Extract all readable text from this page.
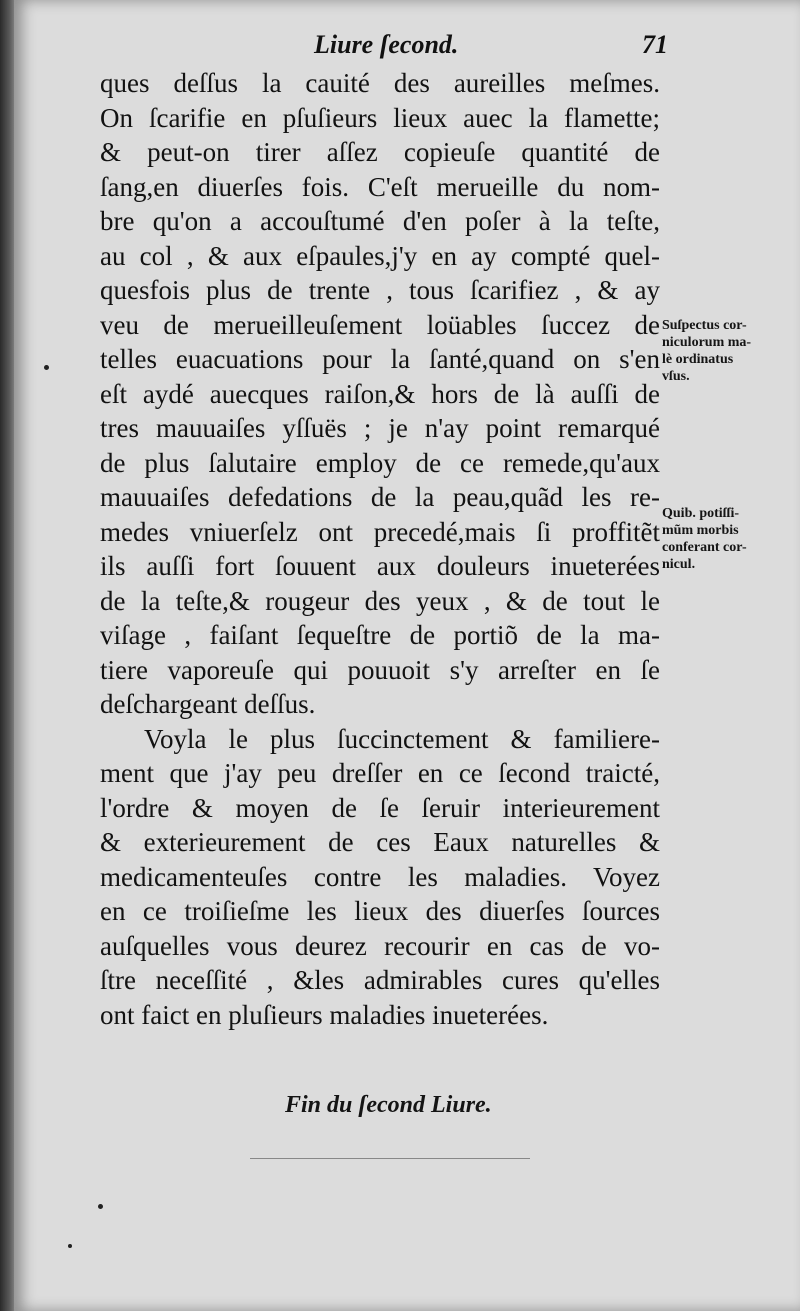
Liure ſecond.	71
ques deſſus la cauité des aureilles meſmes.
On ſcarifie en pſuſieurs lieux auec la flamette;
& peut-on tirer aſſez copieuſe quantité de
ſang,en diuerſes fois. C'eſt merueille du nom-
bre qu'on a accouſtumé d'en poſer à la teſte,
au col , & aux eſpaules,j'y en ay compté quel-
quesfois plus de trente , tous ſcarifiez , & ay
veu de merueilleuſement loüables ſuccez de
telles euacuations pour la ſanté,quand on s'en
eſt aydé auecques raiſon,& hors de là auſſi de
tres mauuaiſes yſſuës ; je n'ay point remarqué
de plus ſalutaire employ de ce remede,qu'aux
mauuaiſes defedations de la peau,quãd les re-
medes vniuerſelz ont precedé,mais ſi proffitẽt
ils auſſi fort ſouuent aux douleurs inueterées
de la teſte,& rougeur des yeux , & de tout le
viſage , faiſant ſequeſtre de portiõ de la ma-
tiere vaporeuſe qui pouuoit s'y arreſter en ſe
deſchargeant deſſus.
Voyla le plus ſuccinctement & familiere-
ment que j'ay peu dreſſer en ce ſecond traicté,
l'ordre & moyen de ſe ſeruir interieurement
& exterieurement de ces Eaux naturelles &
medicamenteuſes contre les maladies. Voyez
en ce troiſieſme les lieux des diuerſes ſources
auſquelles vous deurez recourir en cas de vo-
ſtre neceſſité , &les admirables cures qu'elles
ont faict en pluſieurs maladies inueterées.
Suſpectus cor-
niculorum ma-
lè ordinatus
vſus.
Quib. potiſſi-
mũm morbis
conferant cor-
nicul.
Fin du ſecond Liure.
